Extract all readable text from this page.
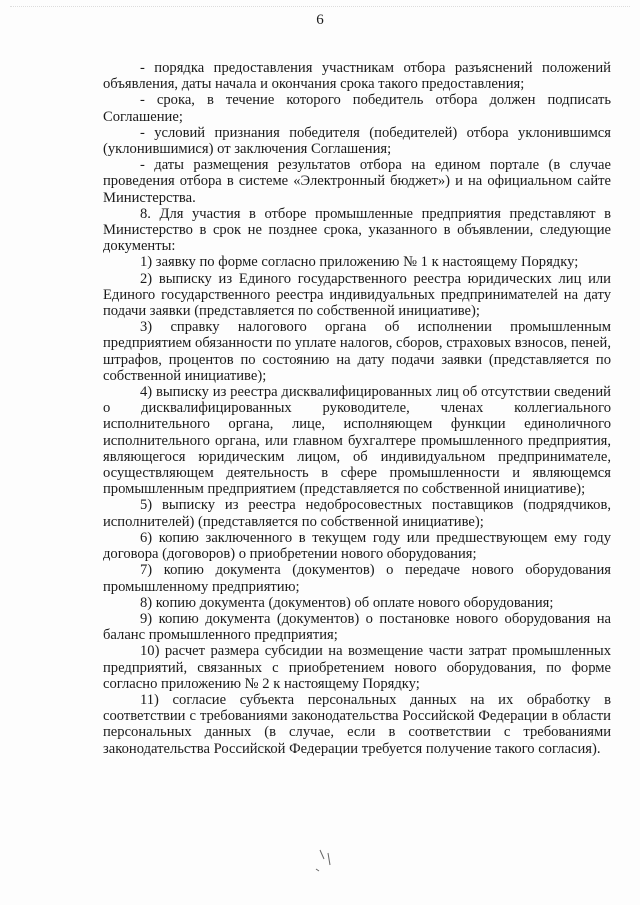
6

- порядка предоставления участникам отбора разъяснений положений объявления, даты начала и окончания срока такого предоставления;

- срока, в течение которого победитель отбора должен подписать Соглашение;

- условий признания победителя (победителей) отбора уклонившимся (уклонившимися) от заключения Соглашения;

- даты размещения результатов отбора на едином портале (в случае проведения отбора в системе «Электронный бюджет») и на официальном сайте Министерства.

8. Для участия в отборе промышленные предприятия представляют в Министерство в срок не позднее срока, указанного в объявлении, следующие документы:

1) заявку по форме согласно приложению № 1 к настоящему Порядку;

2) выписку из Единого государственного реестра юридических лиц или Единого государственного реестра индивидуальных предпринимателей на дату подачи заявки (представляется по собственной инициативе);

3) справку налогового органа об исполнении промышленным предприятием обязанности по уплате налогов, сборов, страховых взносов, пеней, штрафов, процентов по состоянию на дату подачи заявки (представляется по собственной инициативе);

4) выписку из реестра дисквалифицированных лиц об отсутствии сведений о дисквалифицированных руководителе, членах коллегиального исполнительного органа, лице, исполняющем функции единоличного исполнительного органа, или главном бухгалтере промышленного предприятия, являющегося юридическим лицом, об индивидуальном предпринимателе, осуществляющем деятельность в сфере промышленности и являющемся промышленным предприятием (представляется по собственной инициативе);

5) выписку из реестра недобросовестных поставщиков (подрядчиков, исполнителей) (представляется по собственной инициативе);

6) копию заключенного в текущем году или предшествующем ему году договора (договоров) о приобретении нового оборудования;

7) копию документа (документов) о передаче нового оборудования промышленному предприятию;

8) копию документа (документов) об оплате нового оборудования;

9) копию документа (документов) о постановке нового оборудования на баланс промышленного предприятия;

10) расчет размера субсидии на возмещение части затрат промышленных предприятий, связанных с приобретением нового оборудования, по форме согласно приложению № 2 к настоящему Порядку;

11) согласие субъекта персональных данных на их обработку в соответствии с требованиями законодательства Российской Федерации в области персональных данных (в случае, если в соответствии с требованиями законодательства Российской Федерации требуется получение такого согласия).
